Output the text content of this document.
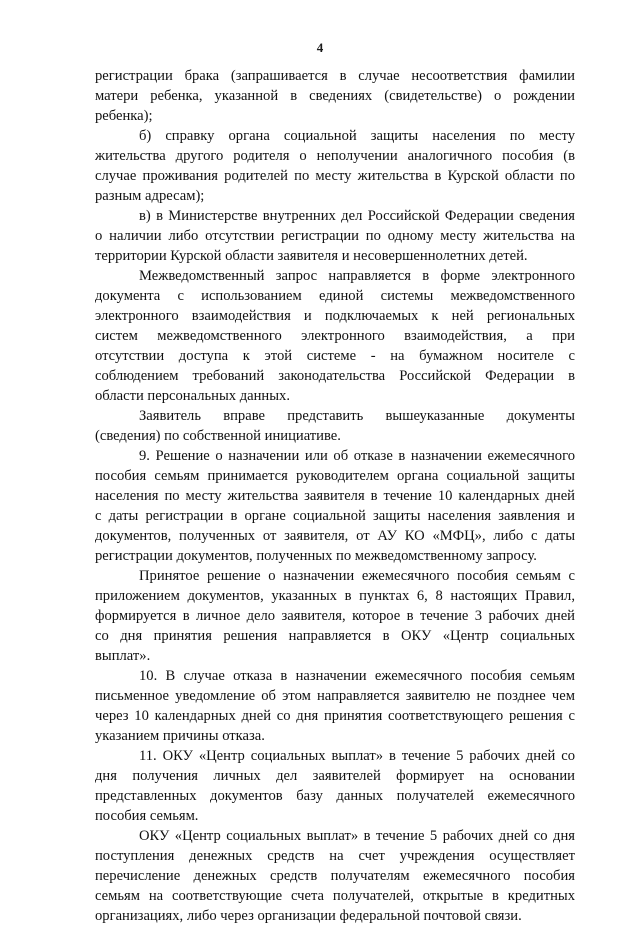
4
регистрации брака (запрашивается в случае несоответствия фамилии
матери ребенка, указанной в сведениях (свидетельстве) о рождении
ребенка);
б) справку органа социальной защиты населения по месту
жительства другого родителя о неполучении аналогичного пособия (в
случае проживания родителей по месту жительства в Курской области по
разным адресам);
в) в Министерстве внутренних дел Российской Федерации сведения
о наличии либо отсутствии регистрации по одному месту жительства на
территории Курской области заявителя и несовершеннолетних детей.
Межведомственный запрос направляется в форме электронного
документа с использованием единой системы межведомственного
электронного взаимодействия и подключаемых к ней региональных
систем межведомственного электронного взаимодействия, а при
отсутствии доступа к этой системе - на бумажном носителе с
соблюдением требований законодательства Российской Федерации в
области персональных данных.
Заявитель вправе представить вышеуказанные документы
(сведения) по собственной инициативе.
9. Решение о назначении или об отказе в назначении ежемесячного
пособия семьям принимается руководителем органа социальной защиты
населения по месту жительства заявителя в течение 10 календарных дней
с даты регистрации в органе социальной защиты населения заявления и
документов, полученных от заявителя, от АУ КО «МФЦ», либо с даты
регистрации документов, полученных по межведомственному запросу.
Принятое решение о назначении ежемесячного пособия семьям с
приложением документов, указанных в пунктах 6, 8 настоящих Правил,
формируется в личное дело заявителя, которое в течение 3 рабочих дней
со дня принятия решения направляется в ОКУ «Центр социальных
выплат».
10. В случае отказа в назначении ежемесячного пособия семьям
письменное уведомление об этом направляется заявителю не позднее чем
через 10 календарных дней со дня принятия соответствующего решения с
указанием причины отказа.
11. ОКУ «Центр социальных выплат» в течение 5 рабочих дней со
дня получения личных дел заявителей формирует на основании
представленных документов базу данных получателей ежемесячного
пособия семьям.
ОКУ «Центр социальных выплат» в течение 5 рабочих дней со дня
поступления денежных средств на счет учреждения осуществляет
перечисление денежных средств получателям ежемесячного пособия
семьям на соответствующие счета получателей, открытые в кредитных
организациях, либо через организации федеральной почтовой связи.
